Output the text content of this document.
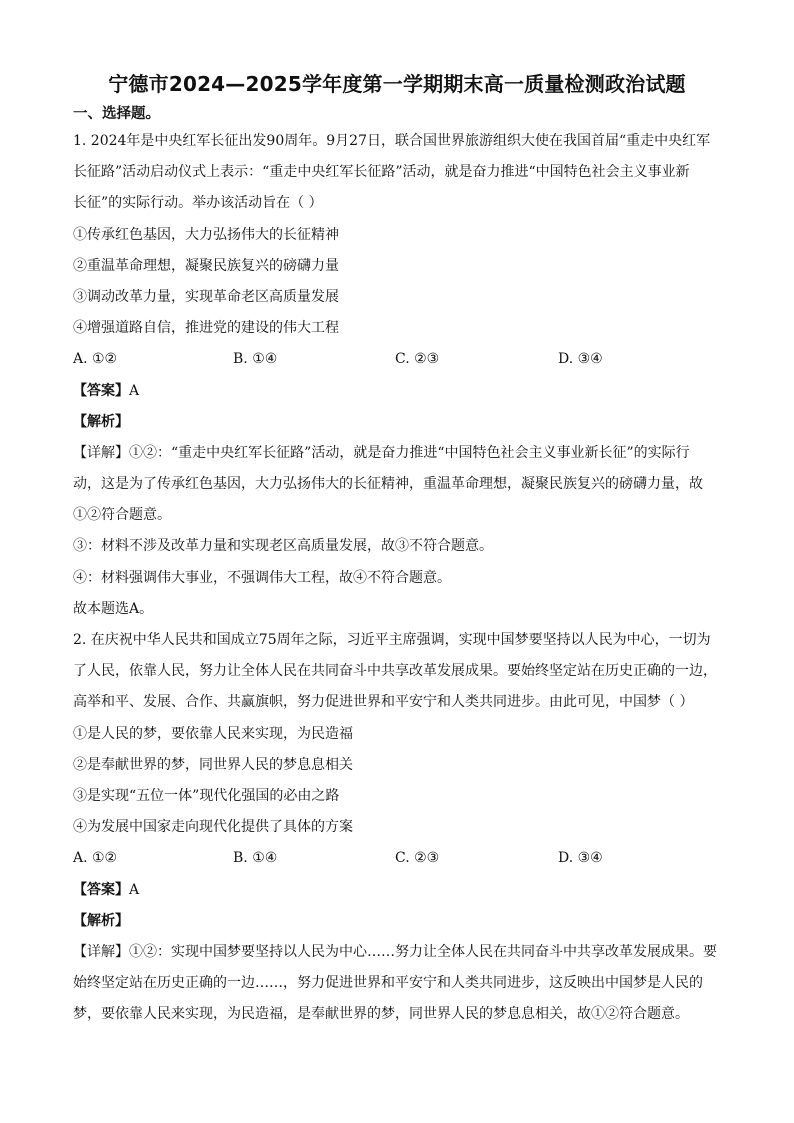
宁德市2024—2025学年度第一学期期末高一质量检测政治试题
一、选择题。
1. 2024年是中央红军长征出发90周年。9月27日，联合国世界旅游组织大使在我国首届“重走中央红军
长征路”活动启动仪式上表示：“重走中央红军长征路”活动，就是奋力推进“中国特色社会主义事业新
长征”的实际行动。举办该活动旨在（ ）
①传承红色基因，大力弘扬伟大的长征精神
②重温革命理想，凝聚民族复兴的磅礴力量
③调动改革力量，实现革命老区高质量发展
④增强道路自信，推进党的建设的伟大工程
A. ①②	B. ①④	C. ②③	D. ③④
【答案】A
【解析】
【详解】①②：“重走中央红军长征路”活动，就是奋力推进“中国特色社会主义事业新长征”的实际行
动，这是为了传承红色基因，大力弘扬伟大的长征精神，重温革命理想，凝聚民族复兴的磅礴力量，故
①②符合题意。
③：材料不涉及改革力量和实现老区高质量发展，故③不符合题意。
④：材料强调伟大事业，不强调伟大工程，故④不符合题意。
故本题选A。
2. 在庆祝中华人民共和国成立75周年之际，习近平主席强调，实现中国梦要坚持以人民为中心，一切为
了人民，依靠人民，努力让全体人民在共同奋斗中共享改革发展成果。要始终坚定站在历史正确的一边，
高举和平、发展、合作、共赢旗帜，努力促进世界和平安宁和人类共同进步。由此可见，中国梦（ ）
①是人民的梦，要依靠人民来实现，为民造福
②是奉献世界的梦，同世界人民的梦息息相关
③是实现“五位一体”现代化强国的必由之路
④为发展中国家走向现代化提供了具体的方案
A. ①②	B. ①④	C. ②③	D. ③④
【答案】A
【解析】
【详解】①②：实现中国梦要坚持以人民为中心……努力让全体人民在共同奋斗中共享改革发展成果。要
始终坚定站在历史正确的一边……，努力促进世界和平安宁和人类共同进步，这反映出中国梦是人民的
梦，要依靠人民来实现，为民造福，是奉献世界的梦，同世界人民的梦息息相关，故①②符合题意。
